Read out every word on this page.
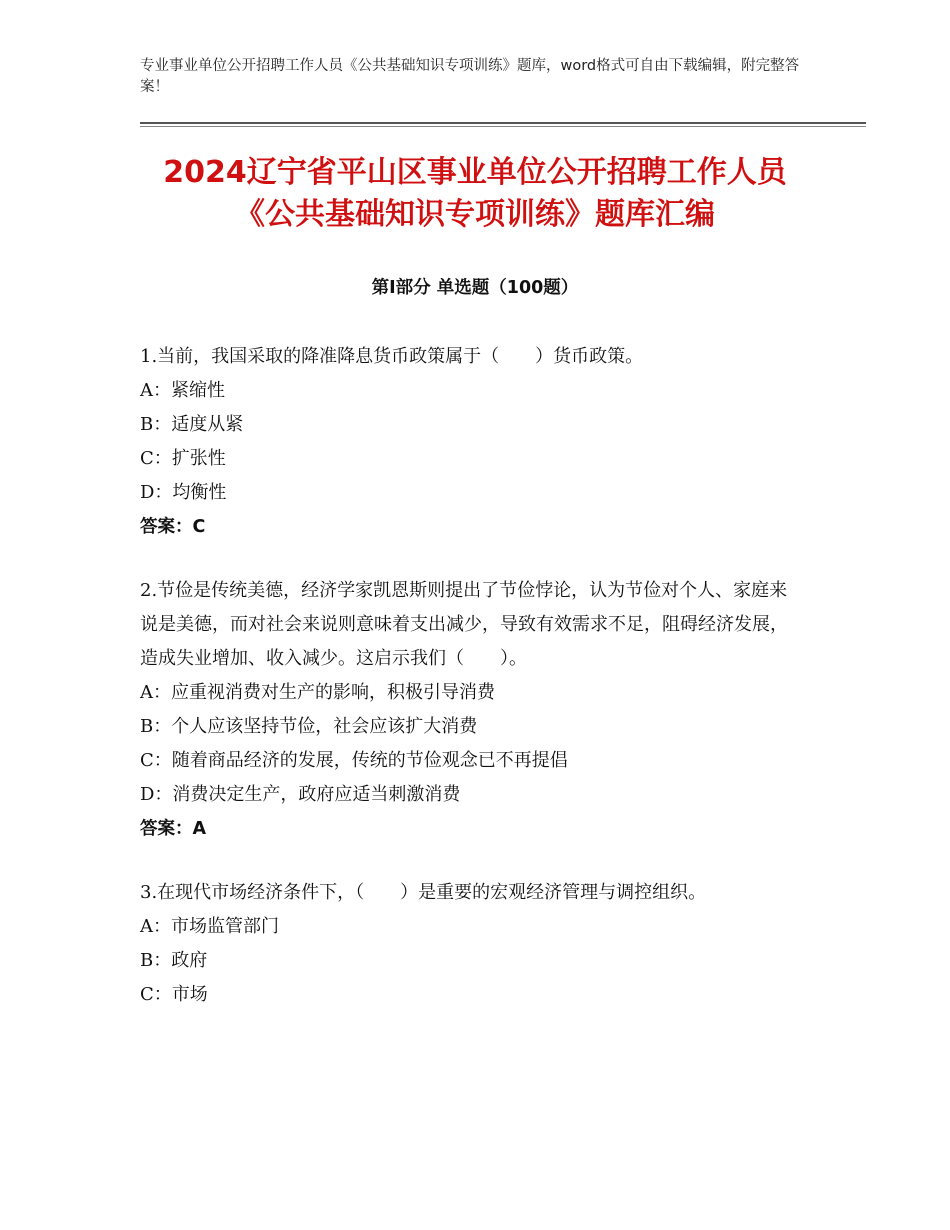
专业事业单位公开招聘工作人员《公共基础知识专项训练》题库，word格式可自由下载编辑，附完整答案！
2024辽宁省平山区事业单位公开招聘工作人员《公共基础知识专项训练》题库汇编
第Ⅰ部分 单选题（100题）
1.当前，我国采取的降准降息货币政策属于（　　）货币政策。
A：紧缩性
B：适度从紧
C：扩张性
D：均衡性
答案：C
2.节俭是传统美德，经济学家凯恩斯则提出了节俭悖论，认为节俭对个人、家庭来说是美德，而对社会来说则意味着支出减少，导致有效需求不足，阻碍经济发展，造成失业增加、收入减少。这启示我们（　　）。
A：应重视消费对生产的影响，积极引导消费
B：个人应该坚持节俭，社会应该扩大消费
C：随着商品经济的发展，传统的节俭观念已不再提倡
D：消费决定生产，政府应适当刺激消费
答案：A
3.在现代市场经济条件下，（　　）是重要的宏观经济管理与调控组织。
A：市场监管部门
B：政府
C：市场
